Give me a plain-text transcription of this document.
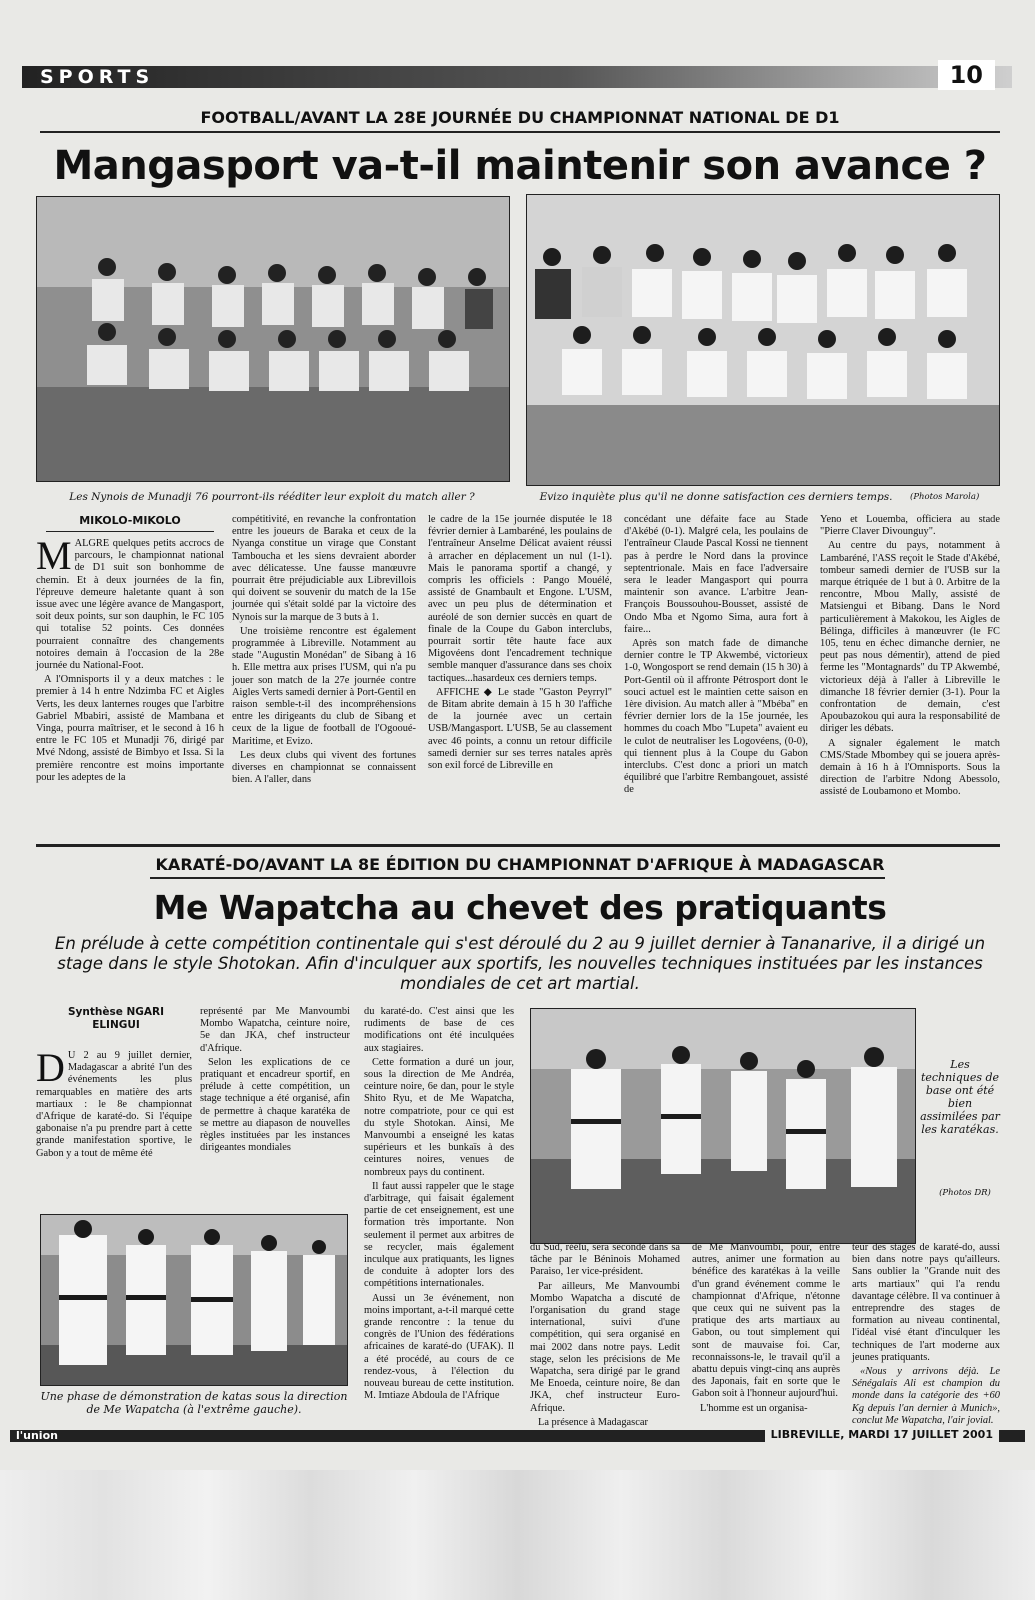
SPORTS	10
FOOTBALL/AVANT LA 28E JOURNÉE DU CHAMPIONNAT NATIONAL DE D1
Mangasport va-t-il maintenir son avance ?
Les Nynois de Munadji 76 pourront-ils rééditer leur exploit du match aller ?	Evizo inquiète plus qu'il ne donne satisfaction ces derniers temps.	(Photos Marola)
MIKOLO-MIKOLO

MALGRE quelques petits accrocs de parcours, le championnat national de D1 suit son bonhomme de chemin. Et à deux journées de la fin, l'épreuve demeure haletante quant à son issue avec une légère avance de Mangasport, soit deux points, sur son dauphin, le FC 105 qui totalise 52 points. Ces données pourraient connaître des changements notoires demain à l'occasion de la 28e journée du National-Foot.

A l'Omnisports il y a deux matches : le premier à 14 h entre Ndzimba FC et Aigles Verts, les deux lanternes rouges que l'arbitre Gabriel Mbabiri, assisté de Mambana et Vinga, pourra maîtriser, et le second à 16 h entre le FC 105 et Munadji 76, dirigé par Mvé Ndong, assisté de Bimbyo et Issa. Si la première rencontre est moins importante pour les adeptes de la

compétitivité, en revanche la confrontation entre les joueurs de Baraka et ceux de la Nyanga constitue un virage que Constant Tamboucha et les siens devraient aborder avec délicatesse. Une fausse manœuvre pourrait être préjudiciable aux Librevillois qui doivent se souvenir du match de la 15e journée qui s'était soldé par la victoire des Nynois sur la marque de 3 buts à 1.

Une troisième rencontre est également programmée à Libreville. Notamment au stade "Augustin Monédan" de Sibang à 16 h. Elle mettra aux prises l'USM, qui n'a pu jouer son match de la 27e journée contre Aigles Verts samedi dernier à Port-Gentil en raison semble-t-il des incompréhensions entre les dirigeants du club de Sibang et ceux de la ligue de football de l'Ogooué-Maritime, et Evizo.

Les deux clubs qui vivent des fortunes diverses en championnat se connaissent bien. A l'aller, dans

le cadre de la 15e journée disputée le 18 février dernier à Lambaréné, les poulains de l'entraîneur Anselme Délicat avaient réussi à arracher en déplacement un nul (1-1). Mais le panorama sportif a changé, y compris les officiels : Pango Mouélé, assisté de Gnambault et Engone. L'USM, avec un peu plus de détermination et auréolé de son dernier succès en quart de finale de la Coupe du Gabon interclubs, pourrait sortir tête haute face aux Migovéens dont l'encadrement technique semble manquer d'assurance dans ses choix tactiques...hasardeux ces derniers temps.

AFFICHE ◆ Le stade "Gaston Peyrryl" de Bitam abrite demain à 15 h 30 l'affiche de la journée avec un certain USB/Mangasport. L'USB, 5e au classement avec 46 points, a connu un retour difficile samedi dernier sur ses terres natales après son exil forcé de Libreville en

concédant une défaite face au Stade d'Akébé (0-1). Malgré cela, les poulains de l'entraîneur Claude Pascal Kossi ne tiennent pas à perdre le Nord dans la province septentrionale. Mais en face l'adversaire sera le leader Mangasport qui pourra maintenir son avance. L'arbitre Jean-François Boussouhou-Bousset, assisté de Ondo Mba et Ngomo Sima, aura fort à faire...

Après son match fade de dimanche dernier contre le TP Akwembé, victorieux 1-0, Wongosport se rend demain (15 h 30) à Port-Gentil où il affronte Pétrosport dont le souci actuel est le maintien cette saison en 1ère division. Au match aller à "Mbéba" en février dernier lors de la 15e journée, les hommes du coach Mbo "Lupeta" avaient eu le culot de neutraliser les Logovéens, (0-0), qui tiennent plus à la Coupe du Gabon interclubs. C'est donc a priori un match équilibré que l'arbitre Rembangouet, assisté de

Yeno et Louemba, officiera au stade "Pierre Claver Divounguy".

Au centre du pays, notamment à Lambaréné, l'ASS reçoit le Stade d'Akébé, tombeur samedi dernier de l'USB sur la marque étriquée de 1 but à 0. Arbitre de la rencontre, Mbou Mally, assisté de Matsiengui et Bibang. Dans le Nord particulièrement à Makokou, les Aigles de Bélinga, difficiles à manœuvrer (le FC 105, tenu en échec dimanche dernier, ne peut pas nous démentir), attend de pied ferme les "Montagnards" du TP Akwembé, victorieux déjà à l'aller à Libreville le dimanche 18 février dernier (3-1). Pour la confrontation de demain, c'est Apoubazokou qui aura la responsabilité de diriger les débats.

A signaler également le match CMS/Stade Mbombey qui se jouera après-demain à 16 h à l'Omnisports. Sous la direction de l'arbitre Ndong Abessolo, assisté de Loubamono et Mombo.

KARATÉ-DO/AVANT LA 8E ÉDITION DU CHAMPIONNAT D'AFRIQUE À MADAGASCAR
Me Wapatcha au chevet des pratiquants
En prélude à cette compétition continentale qui s'est déroulé du 2 au 9 juillet dernier à Tananarive, il a dirigé un stage dans le style Shotokan. Afin d'inculquer aux sportifs, les nouvelles techniques instituées par les instances mondiales de cet art martial.
Synthèse NGARI
ELINGUI

D U 2 au 9 juillet dernier, Madagascar a abrité l'un des événements les plus remarquables en matière des arts martiaux : le 8e championnat d'Afrique de karaté-do. Si l'équipe gabonaise n'a pu prendre part à cette grande manifestation sportive, le Gabon y a tout de même été

représenté par Me Manvoumbi Mombo Wapatcha, ceinture noire, 5e dan JKA, chef instructeur d'Afrique.

Selon les explications de ce pratiquant et encadreur sportif, en prélude à cette compétition, un stage technique a été organisé, afin de permettre à chaque karatéka de se mettre au diapason de nouvelles règles instituées par les instances dirigeantes mondiales

du karaté-do. C'est ainsi que les rudiments de base de ces modifications ont été inculquées aux stagiaires.

Cette formation a duré un jour, sous la direction de Me Andréa, ceinture noire, 6e dan, pour le style Shito Ryu, et de Me Wapatcha, notre compatriote, pour ce qui est du style Shotokan. Ainsi, Me Manvoumbi a enseigné les katas supérieurs et les bunkaïs à des ceintures noires, venues de nombreux pays du continent.

Il faut aussi rappeler que le stage d'arbitrage, qui faisait également partie de cet enseignement, est une formation très importante. Non seulement il permet aux arbitres de se recycler, mais également inculque aux pratiquants, les lignes de conduite à adopter lors des compétitions internationales.

Aussi un 3e événement, non moins important, a-t-il marqué cette grande rencontre : la tenue du congrès de l'Union des fédérations africaines de karaté-do (UFAK). Il a été procédé, au cours de ce rendez-vous, à l'élection du nouveau bureau de cette institution. M. Imtiaze Abdoula de l'Afrique

Les techniques de base ont été bien assimilées par les karatékas.
(Photos DR)
Une phase de démonstration de katas sous la direction de Me Wapatcha (à l'extrême gauche).

du Sud, réélu, sera secondé dans sa tâche par le Béninois Mohamed Paraiso, 1er vice-président.

Par ailleurs, Me Manvoumbi Mombo Wapatcha a discuté de l'organisation du grand stage international, suivi d'une compétition, qui sera organisé en mai 2002 dans notre pays. Ledit stage, selon les précisions de Me Wapatcha, sera dirigé par le grand Me Enoeda, ceinture noire, 8e dan JKA, chef instructeur Euro-Afrique.

La présence à Madagascar

de Me Manvoumbi, pour, entre autres, animer une formation au bénéfice des karatékas à la veille d'un grand événement comme le championnat d'Afrique, n'étonne que ceux qui ne suivent pas la pratique des arts martiaux au Gabon, ou tout simplement qui sont de mauvaise foi. Car, reconnaissons-le, le travail qu'il a abattu depuis vingt-cinq ans auprès des Japonais, fait en sorte que le Gabon soit à l'honneur aujourd'hui.

L'homme est un organisa-

teur des stages de karaté-do, aussi bien dans notre pays qu'ailleurs. Sans oublier la "Grande nuit des arts martiaux" qui l'a rendu davantage célèbre. Il va continuer à entreprendre des stages de formation au niveau continental, l'idéal visé étant d'inculquer les techniques de l'art moderne aux jeunes pratiquants.

«Nous y arrivons déjà. Le Sénégalais Ali est champion du monde dans la catégorie des +60 Kg depuis l'an dernier à Munich», conclut Me Wapatcha, l'air jovial.

l'union	LIBREVILLE, MARDI 17 JUILLET 2001
